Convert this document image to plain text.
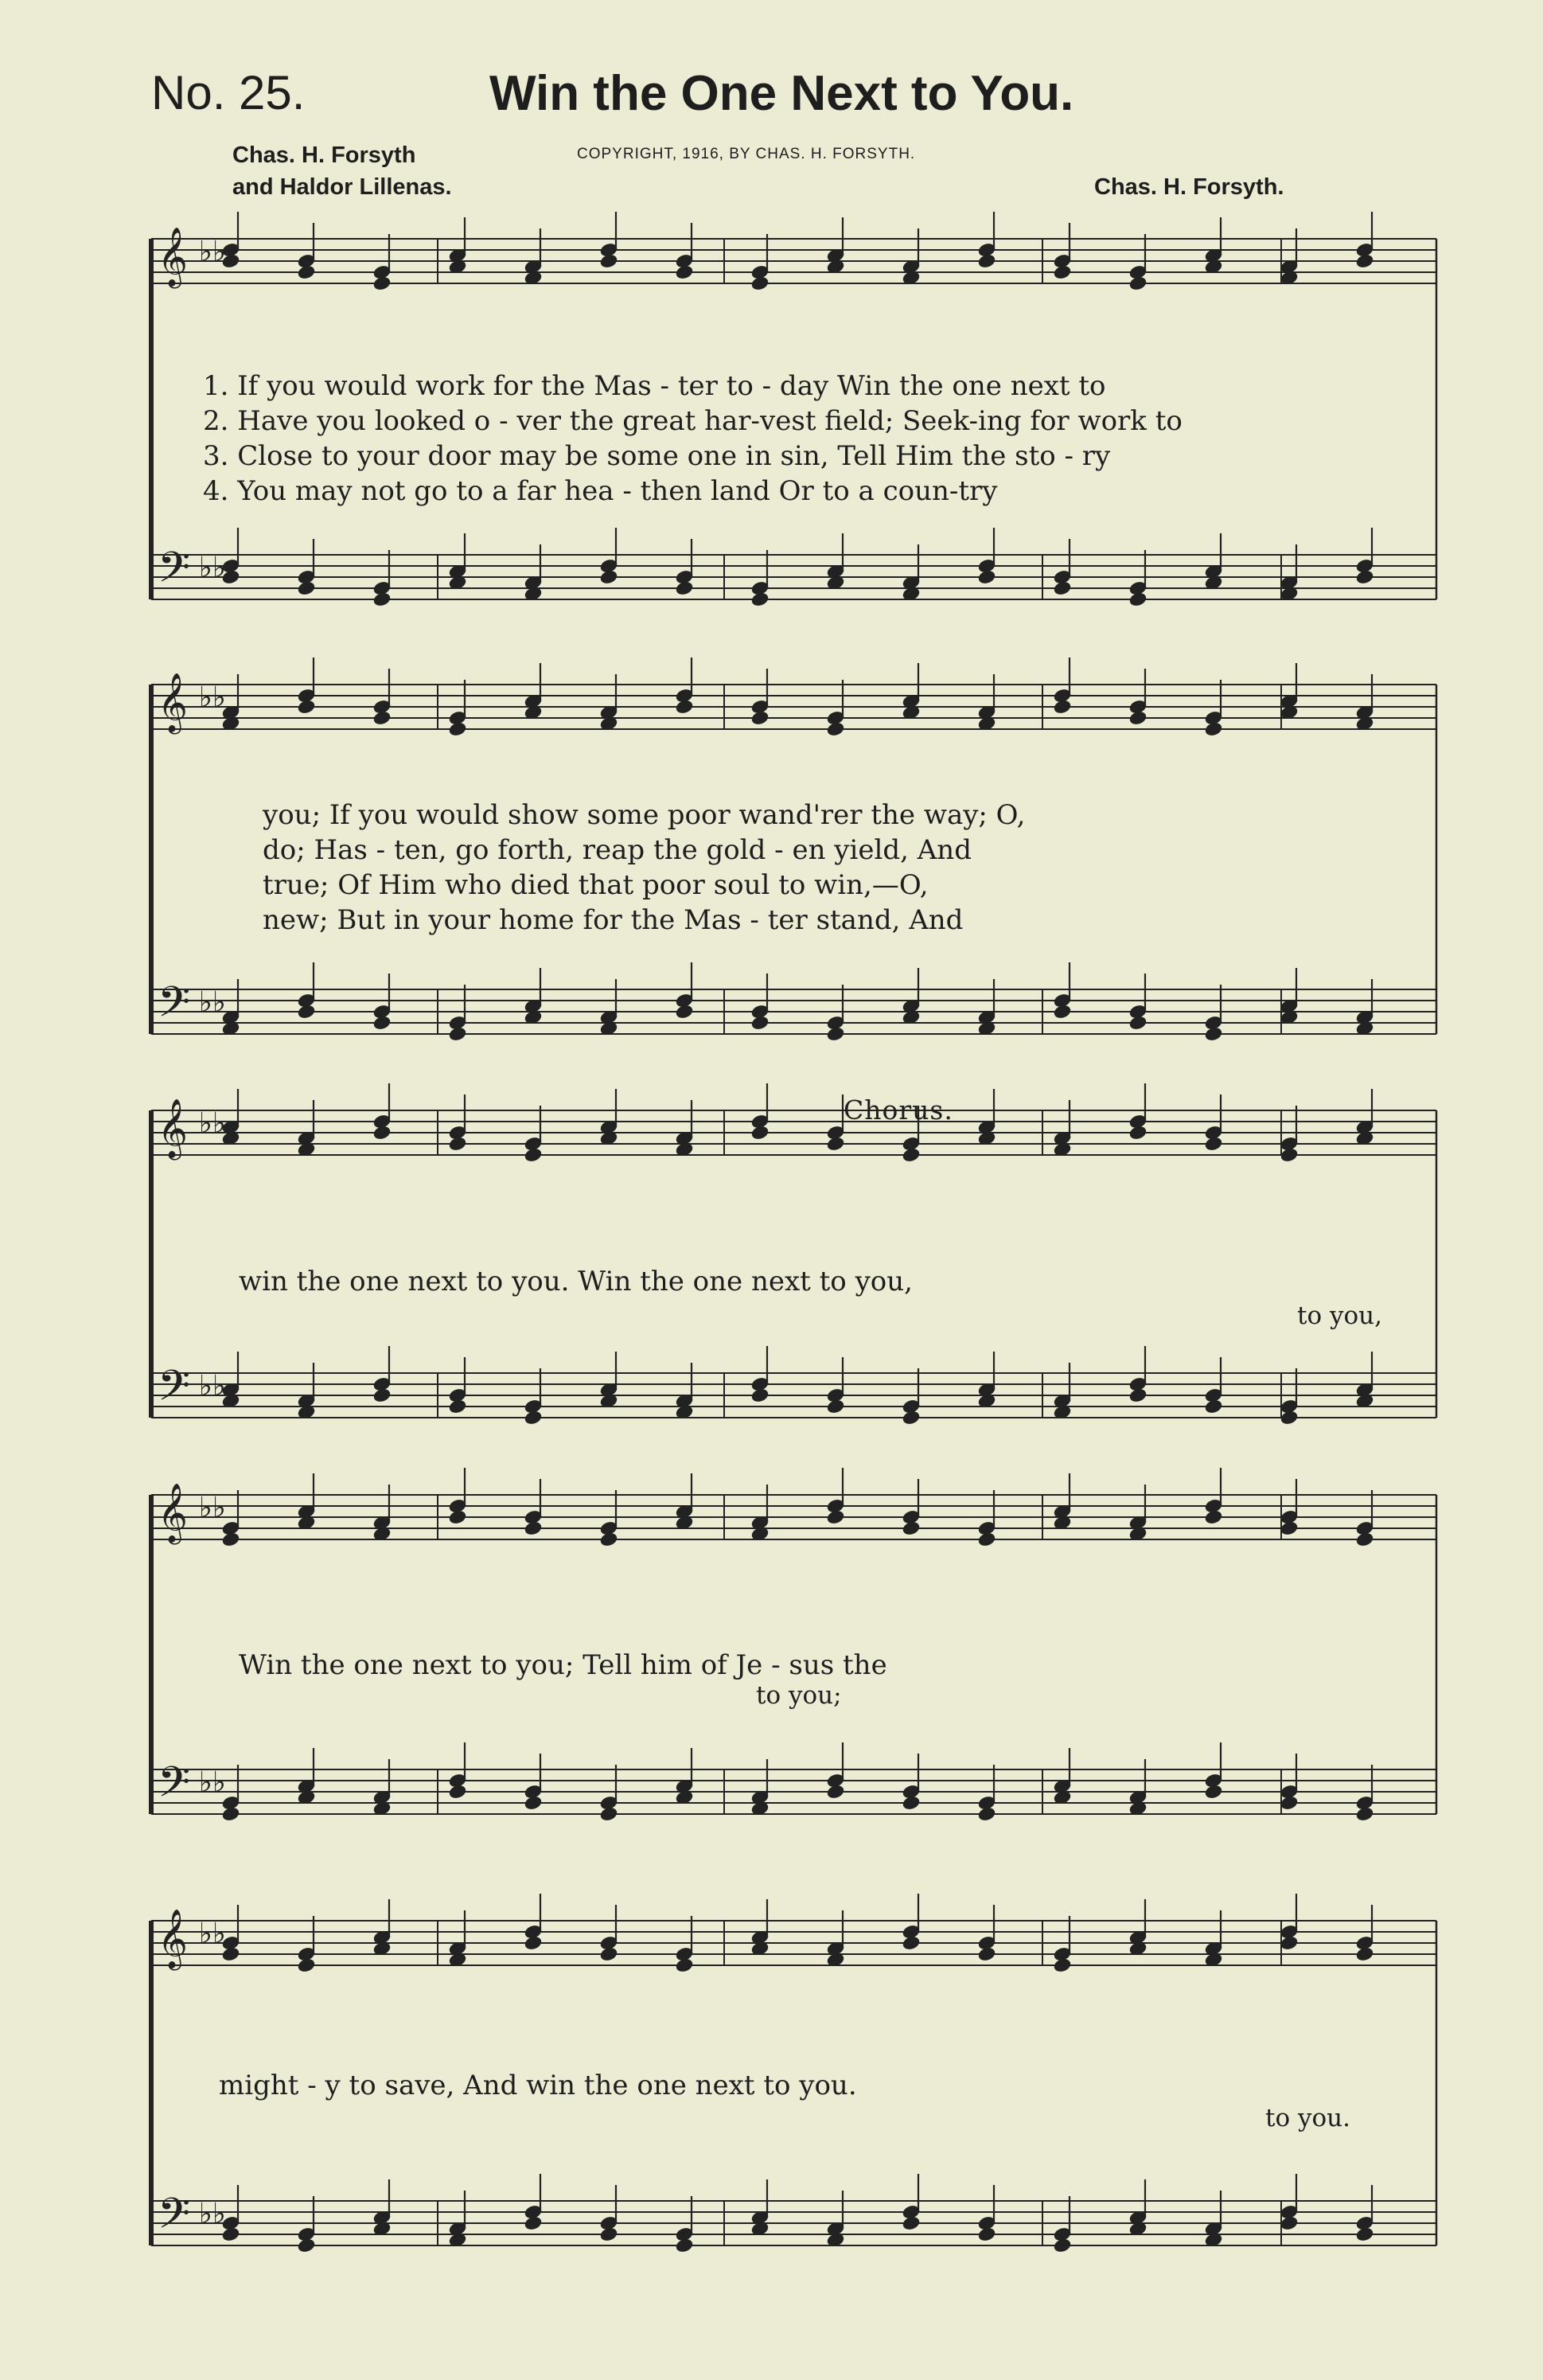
No. 25.	Win the One Next to You.
Chas. H. Forsyth
and Haldor Lillenas.
COPYRIGHT, 1916, BY CHAS. H. FORSYTH.
Chas. H. Forsyth.
𝄞 ♭♭
𝄢 ♭♭
𝄞 ♭♭
𝄢 ♭♭
𝄞 ♭♭
𝄢 ♭♭
𝄞 ♭♭
𝄢 ♭♭
𝄞 ♭♭
𝄢 ♭♭
1. If you would work for the Mas - ter to - day Win the one next to
2. Have you looked o - ver the great har-vest field; Seek-ing for work to
3. Close to your door may be some one in sin, Tell Him the sto - ry
4. You may not go to a far hea - then land Or to a coun-try
you; If you would show some poor wand'rer the way; O,
do; Has - ten, go forth, reap the gold - en yield, And
true; Of Him who died that poor soul to win,—O,
new; But in your home for the Mas - ter stand, And
Chorus.
win the one next to you. Win the one next to you,
to you,
Win the one next to you; Tell him of Je - sus the
to you;
might - y to save, And win the one next to you.
to you.
